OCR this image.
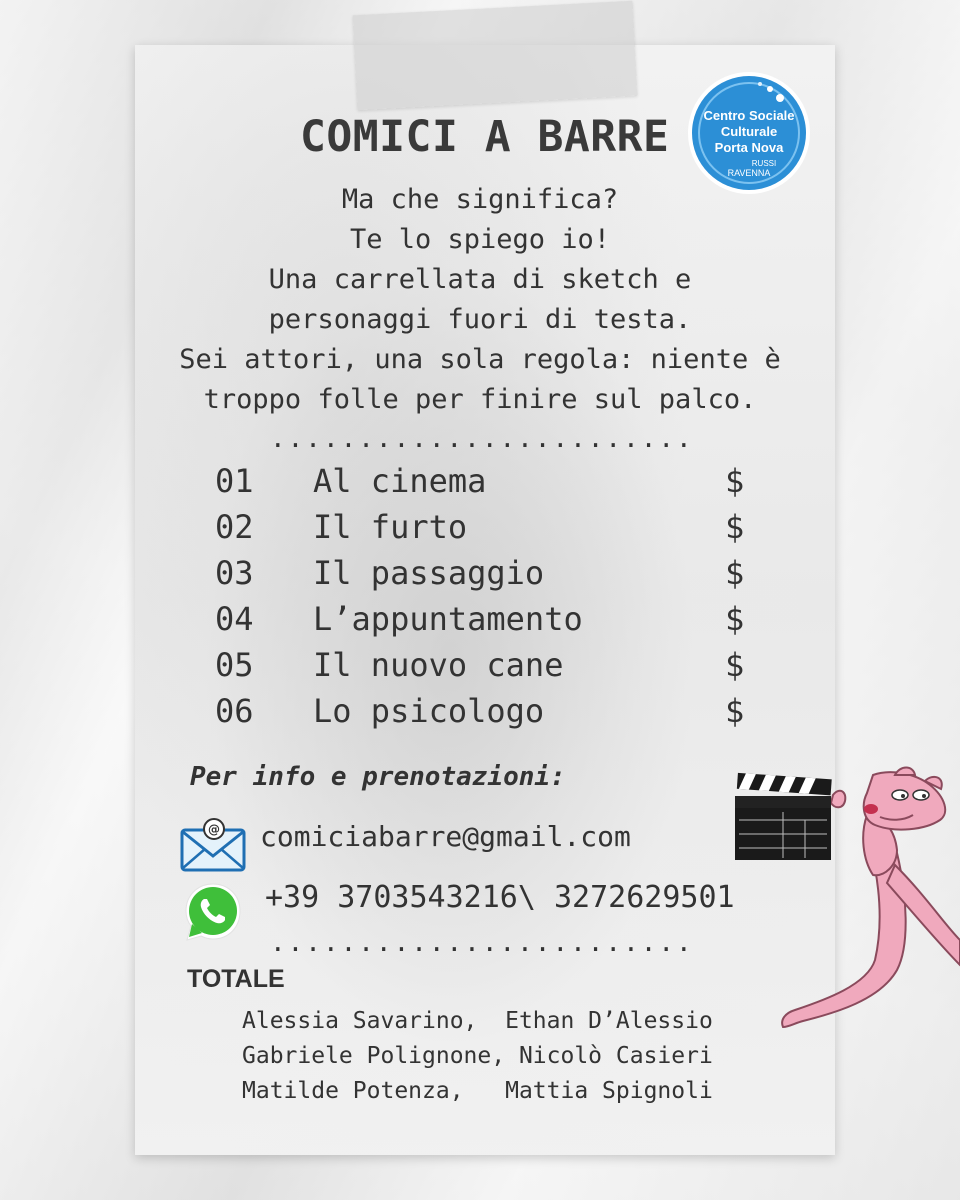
Centro Sociale
Culturale
Porta Nova
RUSSI
RAVENNA
COMICI A BARRE
Ma che significa?
Te lo spiego io!
Una carrellata di sketch e
personaggi fuori di testa.
Sei attori, una sola regola: niente è
troppo folle per finire sul palco.
........................
01 Al cinema	$
02 Il furto	$
03 Il passaggio	$
04 L’appuntamento	$
05 Il nuovo cane	$
06 Lo psicologo	$
Per info e prenotazioni:
@ comiciabarre@gmail.com
+39 3703543216\ 3272629501
........................
TOTALE
Alessia Savarino,  Ethan D’Alessio
Gabriele Polignone, Nicolò Casieri
Matilde Potenza,   Mattia Spignoli
